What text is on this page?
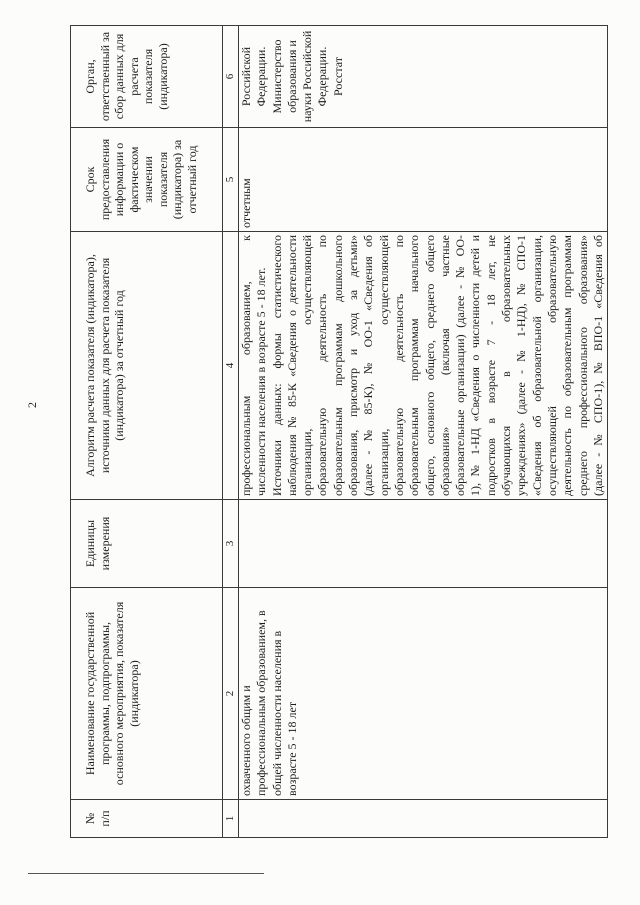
2
№ п/п
Наименование государственной программы, подпрограммы, основного мероприятия, показателя (индикатора)
Единицы измерения
Алгоритм расчета показателя (индикатора), источники данных для расчета показателя (индикатора) за отчетный год
Срок предоставления информации о фактическом значении показателя (индикатора) за отчетный год
Орган, ответственный за сбор данных для расчета показателя (индикатора)
1
2
3
4
5
6
охваченного общим и профессиональным образованием, в общей численности населения в возрасте 5 - 18 лет
профессиональным образованием, к численности населения в возрасте 5 - 18 лет. Источники данных: формы статистического наблюдения № 85-К «Сведения о деятельности организации, осуществляющей образовательную деятельность по образовательным программам дошкольного образования, присмотр и уход за детьми» (далее - № 85-К), № ОО-1 «Сведения об организации, осуществляющей образовательную деятельность по образовательным программам начального общего, основного общего, среднего общего образования» (включая частные образовательные организации) (далее - № ОО- 1), № 1-НД «Сведения о численности детей и подростков в возрасте 7 - 18 лет, не обучающихся в образовательных учреждениях» (далее - № 1-НД), № СПО-1 «Сведения об образовательной организации, осуществляющей образовательную деятельность по образовательным программам среднего профессионального образования» (далее - № СПО-1), № ВПО-1 «Сведения об
отчетным
Российской Федерации. Министерство образования и науки Российской Федерации. Росстат
